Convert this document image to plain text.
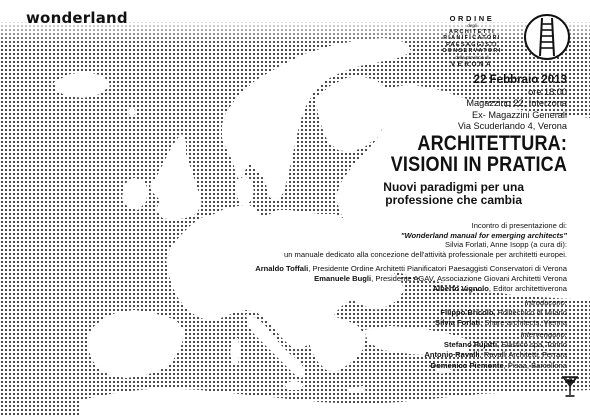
wonderland	ORDINE
degli
ARCHITETTI
PIANIFICATORI
PAESAGGISTI
CONSERVATORI
della provincia di
VERONA
22 Febbraio 2013
ore 18:00
Magazzino 22, Interzona
Ex- Magazzini Generali
Via Scuderlando 4, Verona
ARCHITETTURA:
VISIONI IN PRATICA
Nuovi paradigmi per una
professione che cambia
Incontro di presentazione di:
"Wonderland manual for emerging architects"
Silvia Forlati, Anne Isopp (a cura di):
un manuale dedicato alla concezione dell'attività professionale per architetti europei.
Arnaldo Toffali, Presidente Ordine Architetti Pianificatori Paesaggisti Conservatori di Verona
Emanuele Bugli, Presidente AGAV, Associazione Giovani Architetti Verona
Alberto Vignolo, Editor architettiverona
Introducono:
Filippo Bricolo, Politecnico di Milano
Silvia Forlati, Share architects, Vienna
Intervengono:
Stefano Pujatti, Elastico spa, Torino
Antonio Ravalli, Ravalli Architetti, Ferrara
Domenico Piemonte, Pisaa, Barcellona
